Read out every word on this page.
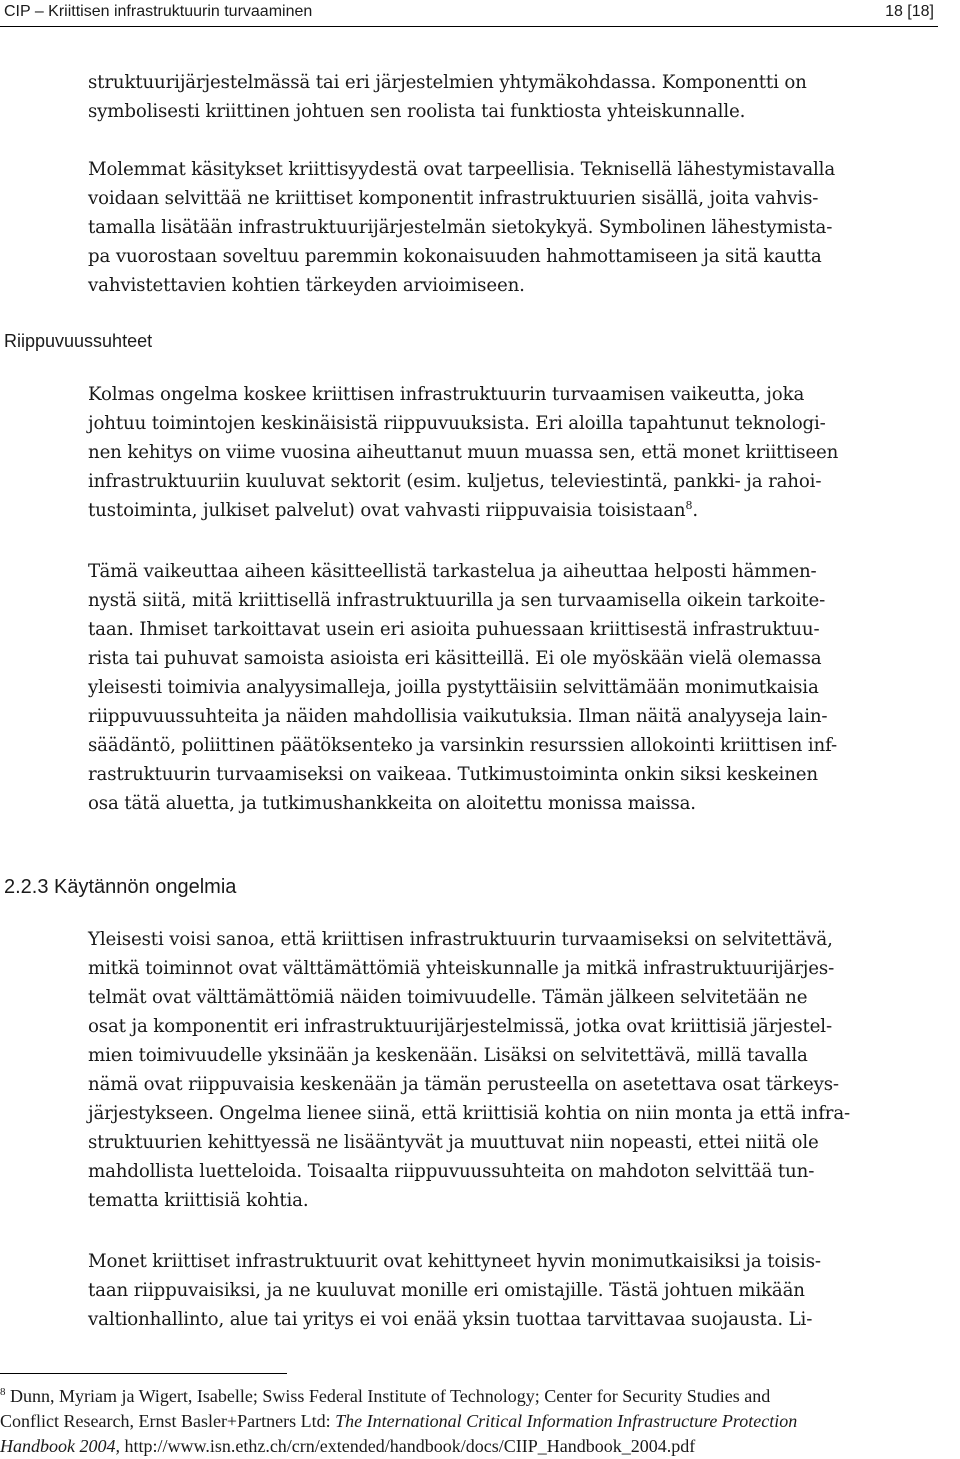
CIP – Kriittisen infrastruktuurin turvaaminen	18 [18]
struktuurijärjestelmässä tai eri järjestelmien yhtymäkohdassa. Komponentti on
symbolisesti kriittinen johtuen sen roolista tai funktiosta yhteiskunnalle.
Molemmat käsitykset kriittisyydestä ovat tarpeellisia. Teknisellä lähestymistavalla
voidaan selvittää ne kriittiset komponentit infrastruktuurien sisällä, joita vahvis-
tamalla lisätään infrastruktuurijärjestelmän sietokykyä. Symbolinen lähestymista-
pa vuorostaan soveltuu paremmin kokonaisuuden hahmottamiseen ja sitä kautta
vahvistettavien kohtien tärkeyden arvioimiseen.
Riippuvuussuhteet
Kolmas ongelma koskee kriittisen infrastruktuurin turvaamisen vaikeutta, joka
johtuu toimintojen keskinäisistä riippuvuuksista. Eri aloilla tapahtunut teknologi-
nen kehitys on viime vuosina aiheuttanut muun muassa sen, että monet kriittiseen
infrastruktuuriin kuuluvat sektorit (esim. kuljetus, televiestintä, pankki- ja rahoi-
tustoiminta, julkiset palvelut) ovat vahvasti riippuvaisia toisistaan$^8$.
Tämä vaikeuttaa aiheen käsitteellistä tarkastelua ja aiheuttaa helposti hämmen-
nystä siitä, mitä kriittisellä infrastruktuurilla ja sen turvaamisella oikein tarkoite-
taan. Ihmiset tarkoittavat usein eri asioita puhuessaan kriittisestä infrastruktuu-
rista tai puhuvat samoista asioista eri käsitteillä. Ei ole myöskään vielä olemassa
yleisesti toimivia analyysimalleja, joilla pystyttäisiin selvittämään monimutkaisia
riippuvuussuhteita ja näiden mahdollisia vaikutuksia. Ilman näitä analyyseja lain-
säädäntö, poliittinen päätöksenteko ja varsinkin resurssien allokointi kriittisen inf-
rastruktuurin turvaamiseksi on vaikeaa. Tutkimustoiminta onkin siksi keskeinen
osa tätä aluetta, ja tutkimushankkeita on aloitettu monissa maissa.
2.2.3 Käytännön ongelmia
Yleisesti voisi sanoa, että kriittisen infrastruktuurin turvaamiseksi on selvitettävä,
mitkä toiminnot ovat välttämättömiä yhteiskunnalle ja mitkä infrastruktuurijärjes-
telmät ovat välttämättömiä näiden toimivuudelle. Tämän jälkeen selvitetään ne
osat ja komponentit eri infrastruktuurijärjestelmissä, jotka ovat kriittisiä järjestel-
mien toimivuudelle yksinään ja keskenään. Lisäksi on selvitettävä, millä tavalla
nämä ovat riippuvaisia keskenään ja tämän perusteella on asetettava osat tärkeys-
järjestykseen. Ongelma lienee siinä, että kriittisiä kohtia on niin monta ja että infra-
struktuurien kehittyessä ne lisääntyvät ja muuttuvat niin nopeasti, ettei niitä ole
mahdollista luetteloida. Toisaalta riippuvuussuhteita on mahdoton selvittää tun-
tematta kriittisiä kohtia.
Monet kriittiset infrastruktuurit ovat kehittyneet hyvin monimutkaisiksi ja toisis-
taan riippuvaisiksi, ja ne kuuluvat monille eri omistajille. Tästä johtuen mikään
valtionhallinto, alue tai yritys ei voi enää yksin tuottaa tarvittavaa suojausta. Li-
$^8$ Dunn, Myriam ja Wigert, Isabelle; Swiss Federal Institute of Technology; Center for Security Studies and
Conflict Research, Ernst Basler+Partners Ltd: The International Critical Information Infrastructure Protection
Handbook 2004, http://www.isn.ethz.ch/crn/extended/handbook/docs/CIIP_Handbook_2004.pdf
